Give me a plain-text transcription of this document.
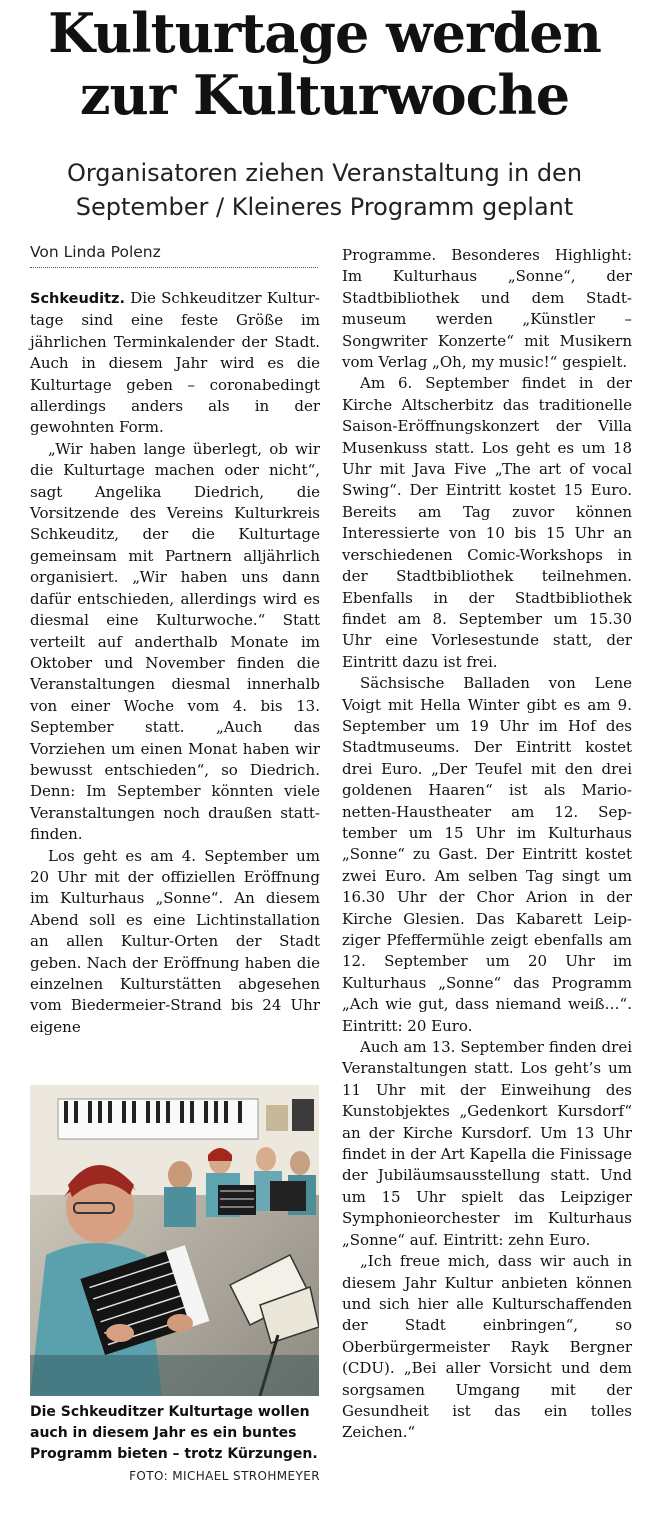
Kulturtage werden zur Kulturwoche
Organisatoren ziehen Veranstaltung in den September / Kleineres Programm geplant
Von Linda Polenz

Schkeuditz. Die Schkeuditzer Kulturtage sind eine feste Größe im jährlichen Terminkalender der Stadt. Auch in diesem Jahr wird es die Kulturtage geben – coronabedingt allerdings anders als in der gewohnten Form.

„Wir haben lange überlegt, ob wir die Kulturtage machen oder nicht“, sagt Angelika Diedrich, die Vorsitzende des Vereins Kulturkreis Schkeuditz, der die Kulturtage gemeinsam mit Partnern alljährlich organisiert. „Wir haben uns dann dafür entschieden, allerdings wird es diesmal eine Kulturwoche.“ Statt verteilt auf anderthalb Monate im Oktober und November finden die Veranstaltungen diesmal innerhalb von einer Woche vom 4. bis 13. September statt. „Auch das Vorziehen um einen Monat haben wir bewusst entschieden“, so Diedrich. Denn: Im September könnten viele Veranstaltungen noch draußen stattfinden.

Los geht es am 4. September um 20 Uhr mit der offiziellen Eröffnung im Kulturhaus „Sonne“. An diesem Abend soll es eine Lichtinstallation an allen Kultur-Orten der Stadt geben. Nach der Eröffnung haben die einzelnen Kulturstätten abgesehen vom Biedermeier-Strand bis 24 Uhr eigene

Programme. Besonderes Highlight: Im Kulturhaus „Sonne“, der Stadtbibliothek und dem Stadtmuseum werden „Künstler – Songwriter Konzerte“ mit Musikern vom Verlag „Oh, my music!“ gespielt.

Am 6. September findet in der Kirche Altscherbitz das traditionelle Saison-Eröffnungskonzert der Villa Musenkuss statt. Los geht es um 18 Uhr mit Java Five „The art of vocal Swing“. Der Eintritt kostet 15 Euro. Bereits am Tag zuvor können Interessierte von 10 bis 15 Uhr an verschiedenen Comic-Workshops in der Stadtbibliothek teilnehmen. Ebenfalls in der Stadtbibliothek findet am 8. September um 15.30 Uhr eine Vorlesestunde statt, der Eintritt dazu ist frei.

Sächsische Balladen von Lene Voigt mit Hella Winter gibt es am 9. September um 19 Uhr im Hof des Stadtmuseums. Der Eintritt kostet drei Euro. „Der Teufel mit den drei goldenen Haaren“ ist als Marionetten-Haustheater am 12. September um 15 Uhr im Kulturhaus „Sonne“ zu Gast. Der Eintritt kostet zwei Euro. Am selben Tag singt um 16.30 Uhr der Chor Arion in der Kirche Glesien. Das Kabarett Leipziger Pfeffermühle zeigt ebenfalls am 12. September um 20 Uhr im Kulturhaus „Sonne“ das Programm „Ach wie gut, dass niemand weiß…“. Eintritt: 20 Euro.

Auch am 13. September finden drei Veranstaltungen statt. Los geht’s um 11 Uhr mit der Einweihung des Kunstobjektes „Gedenkort Kursdorf“ an der Kirche Kursdorf. Um 13 Uhr findet in der Art Kapella die Finissage der Jubiläumsausstellung statt. Und um 15 Uhr spielt das Leipziger Symphonieorchester im Kulturhaus „Sonne“ auf. Eintritt: zehn Euro.

„Ich freue mich, dass wir auch in diesem Jahr Kultur anbieten können und sich hier alle Kulturschaffenden der Stadt einbringen“, so Oberbürgermeister Rayk Bergner (CDU). „Bei aller Vorsicht und dem sorgsamen Umgang mit der Gesundheit ist das ein tolles Zeichen.“

Die Schkeuditzer Kulturtage wollen auch in diesem Jahr es ein buntes Programm bieten – trotz Kürzungen.
FOTO: MICHAEL STROHMEYER
